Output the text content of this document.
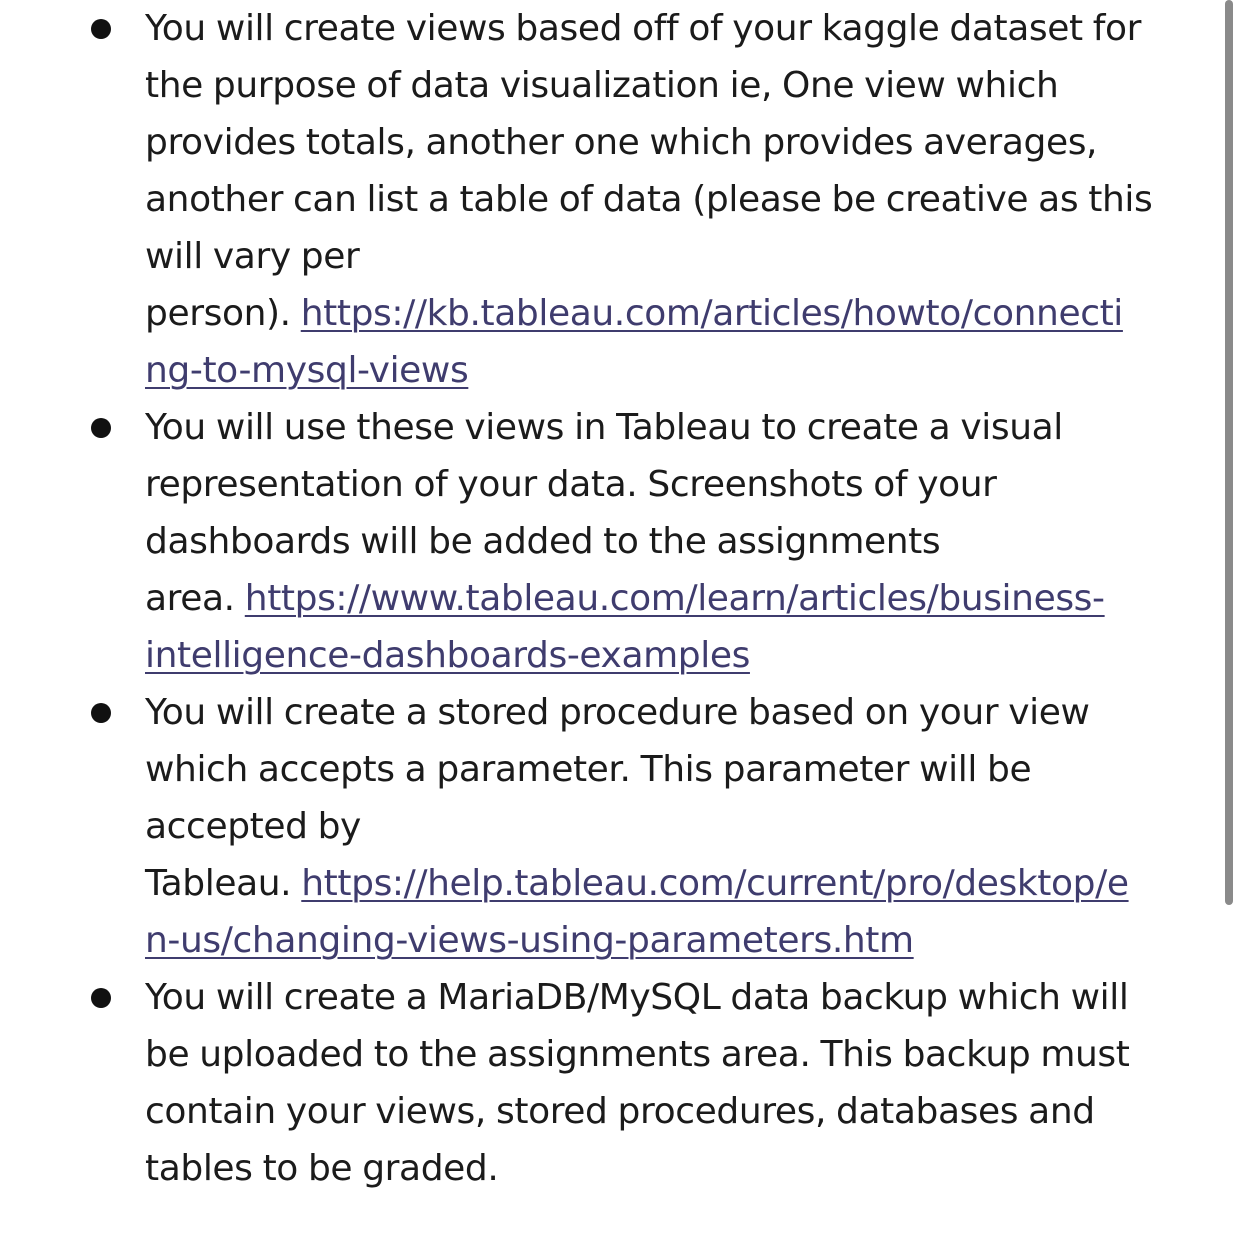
You will create views based off of your kaggle dataset for
the purpose of data visualization ie, One view which
provides totals, another one which provides averages,
another can list a table of data (please be creative as this
will vary per
person). https://kb.tableau.com/articles/howto/connecti
ng-to-mysql-views
You will use these views in Tableau to create a visual
representation of your data. Screenshots of your
dashboards will be added to the assignments
area. https://www.tableau.com/learn/articles/business-
intelligence-dashboards-examples
You will create a stored procedure based on your view
which accepts a parameter. This parameter will be
accepted by
Tableau. https://help.tableau.com/current/pro/desktop/e
n-us/changing-views-using-parameters.htm
You will create a MariaDB/MySQL data backup which will
be uploaded to the assignments area. This backup must
contain your views, stored procedures, databases and
tables to be graded.
